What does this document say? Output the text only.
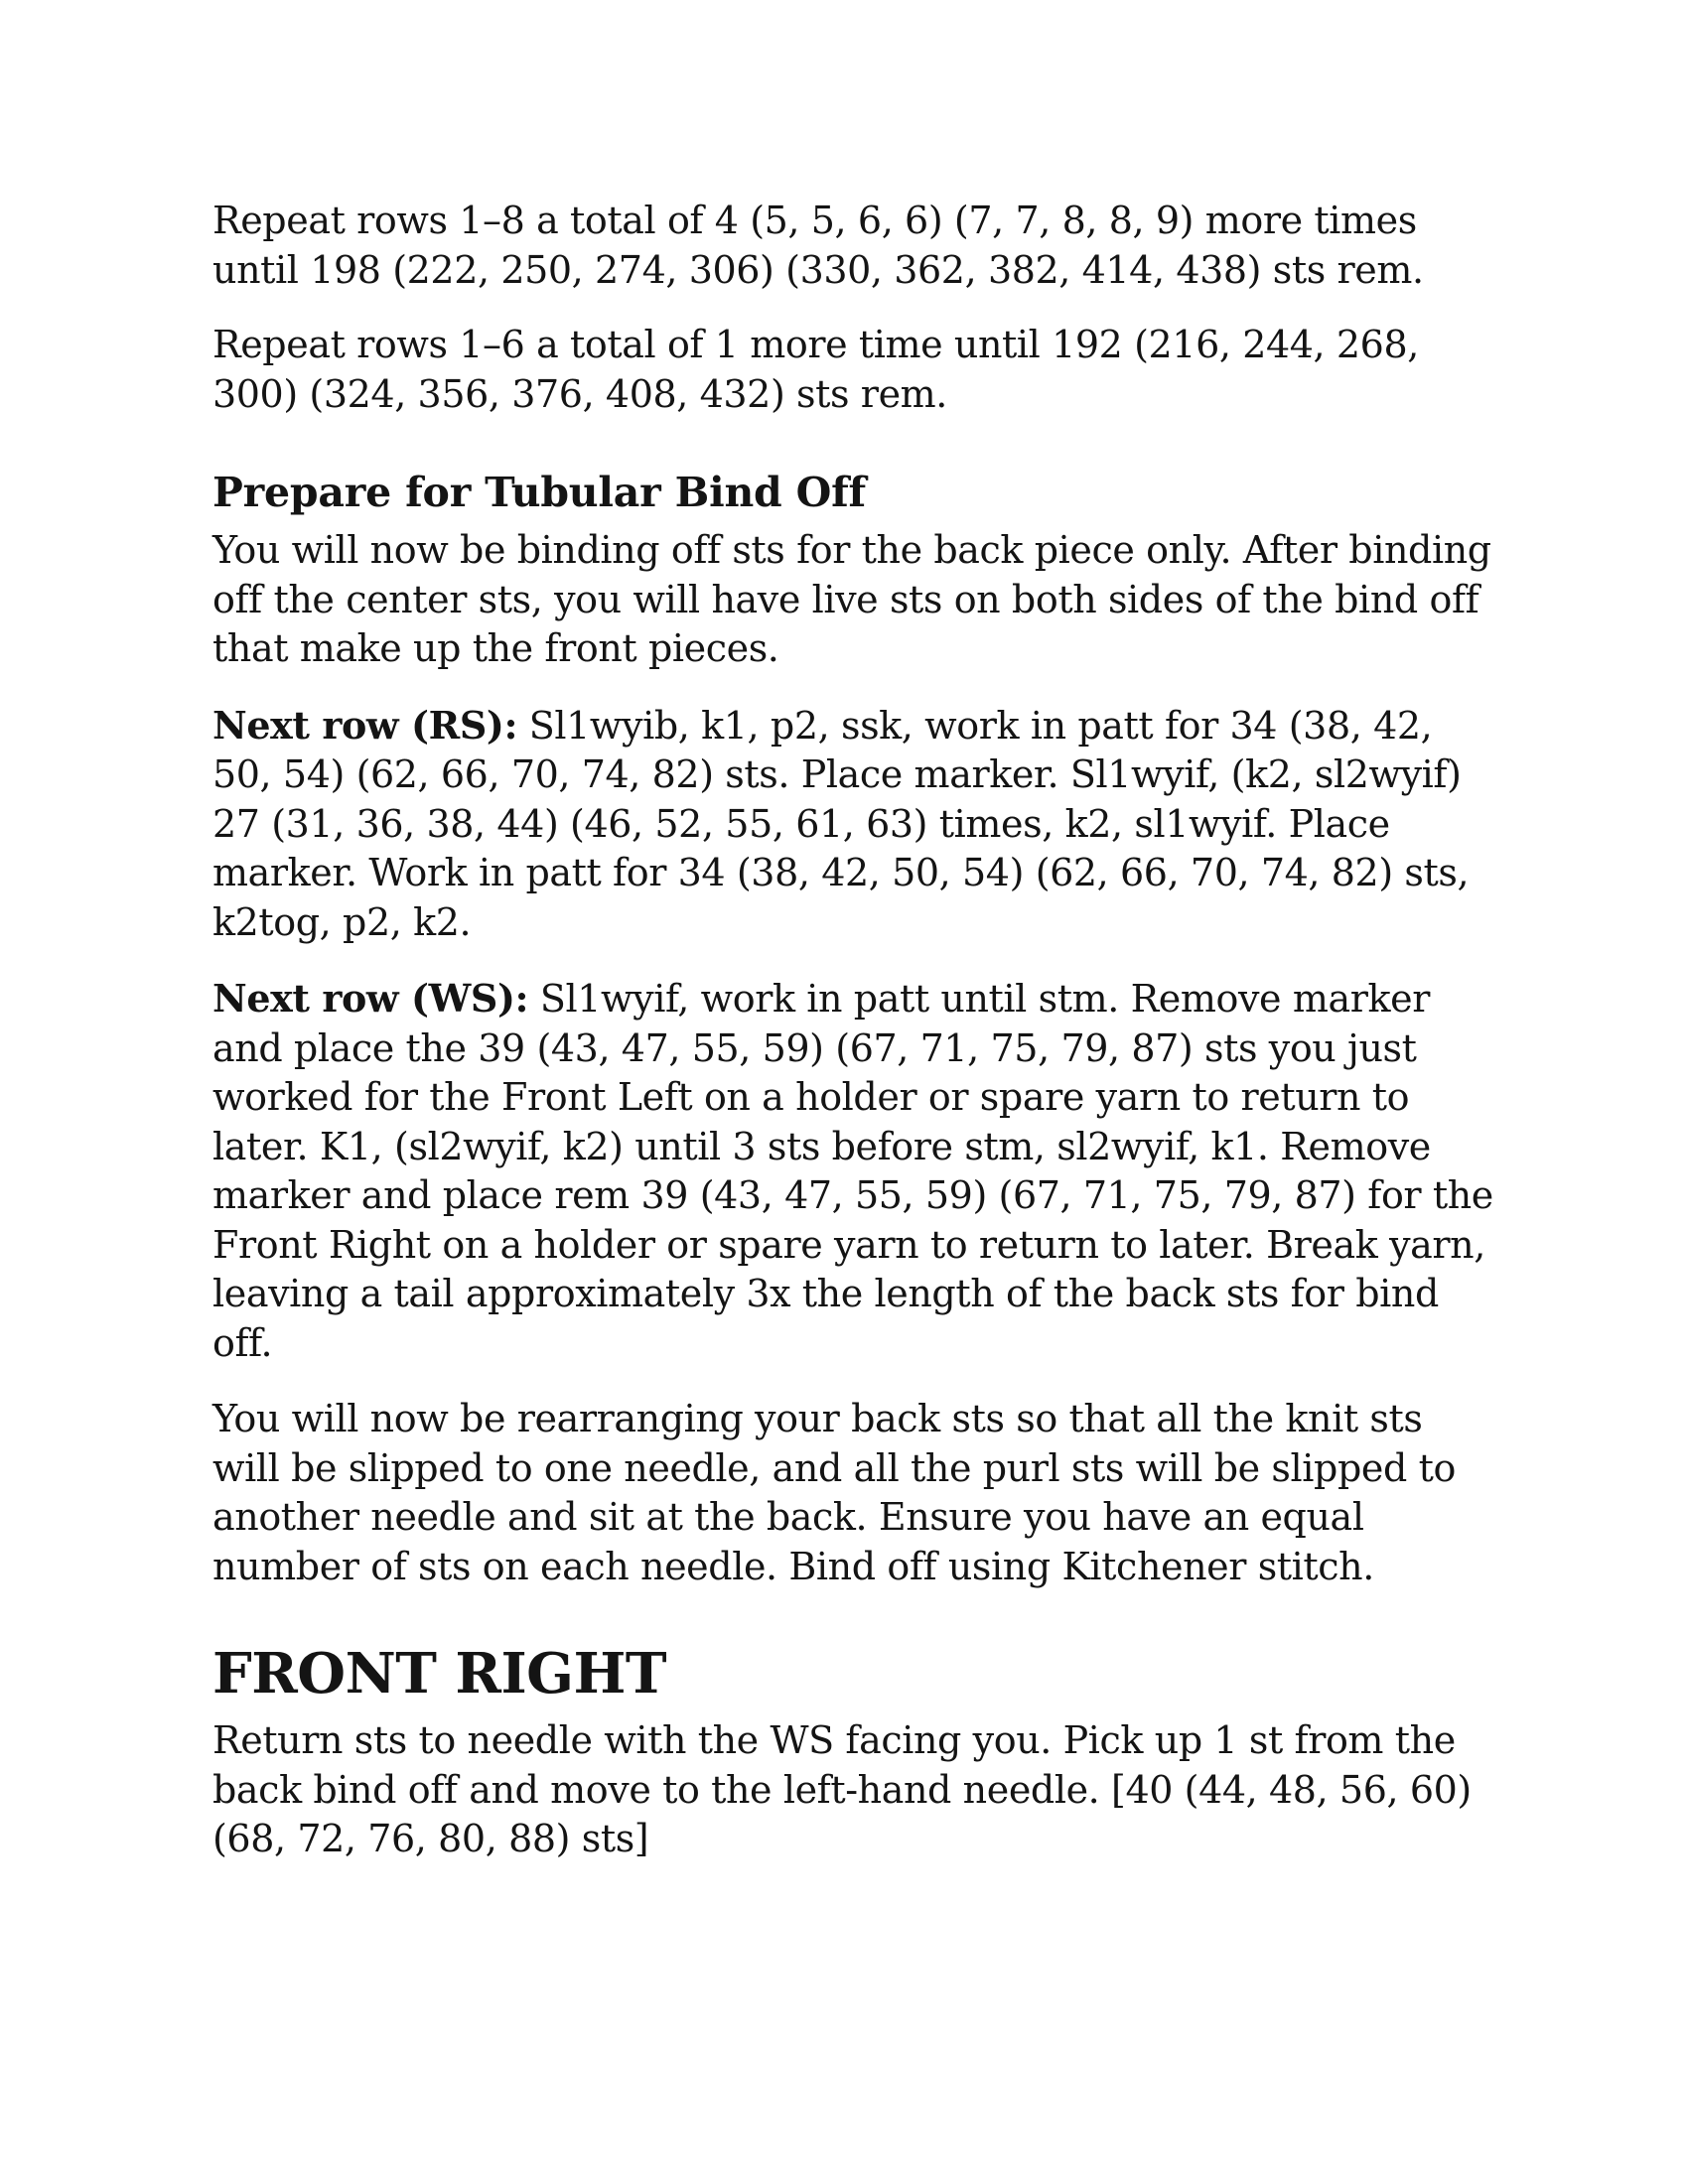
Repeat rows 1–8 a total of 4 (5, 5, 6, 6) (7, 7, 8, 8, 9) more times until 198 (222, 250, 274, 306) (330, 362, 382, 414, 438) sts rem.

Repeat rows 1–6 a total of 1 more time until 192 (216, 244, 268, 300) (324, 356, 376, 408, 432) sts rem.

Prepare for Tubular Bind Off

You will now be binding off sts for the back piece only. After binding off the center sts, you will have live sts on both sides of the bind off that make up the front pieces.

Next row (RS): Sl1wyib, k1, p2, ssk, work in patt for 34 (38, 42, 50, 54) (62, 66, 70, 74, 82) sts. Place marker. Sl1wyif, (k2, sl2wyif) 27 (31, 36, 38, 44) (46, 52, 55, 61, 63) times, k2, sl1wyif. Place marker. Work in patt for 34 (38, 42, 50, 54) (62, 66, 70, 74, 82) sts, k2tog, p2, k2.

Next row (WS): Sl1wyif, work in patt until stm. Remove marker and place the 39 (43, 47, 55, 59) (67, 71, 75, 79, 87) sts you just worked for the Front Left on a holder or spare yarn to return to later. K1, (sl2wyif, k2) until 3 sts before stm, sl2wyif, k1. Remove marker and place rem 39 (43, 47, 55, 59) (67, 71, 75, 79, 87) for the Front Right on a holder or spare yarn to return to later. Break yarn, leaving a tail approximately 3x the length of the back sts for bind off.

You will now be rearranging your back sts so that all the knit sts will be slipped to one needle, and all the purl sts will be slipped to another needle and sit at the back. Ensure you have an equal number of sts on each needle. Bind off using Kitchener stitch.

FRONT RIGHT

Return sts to needle with the WS facing you. Pick up 1 st from the back bind off and move to the left-hand needle. [40 (44, 48, 56, 60) (68, 72, 76, 80, 88) sts]
